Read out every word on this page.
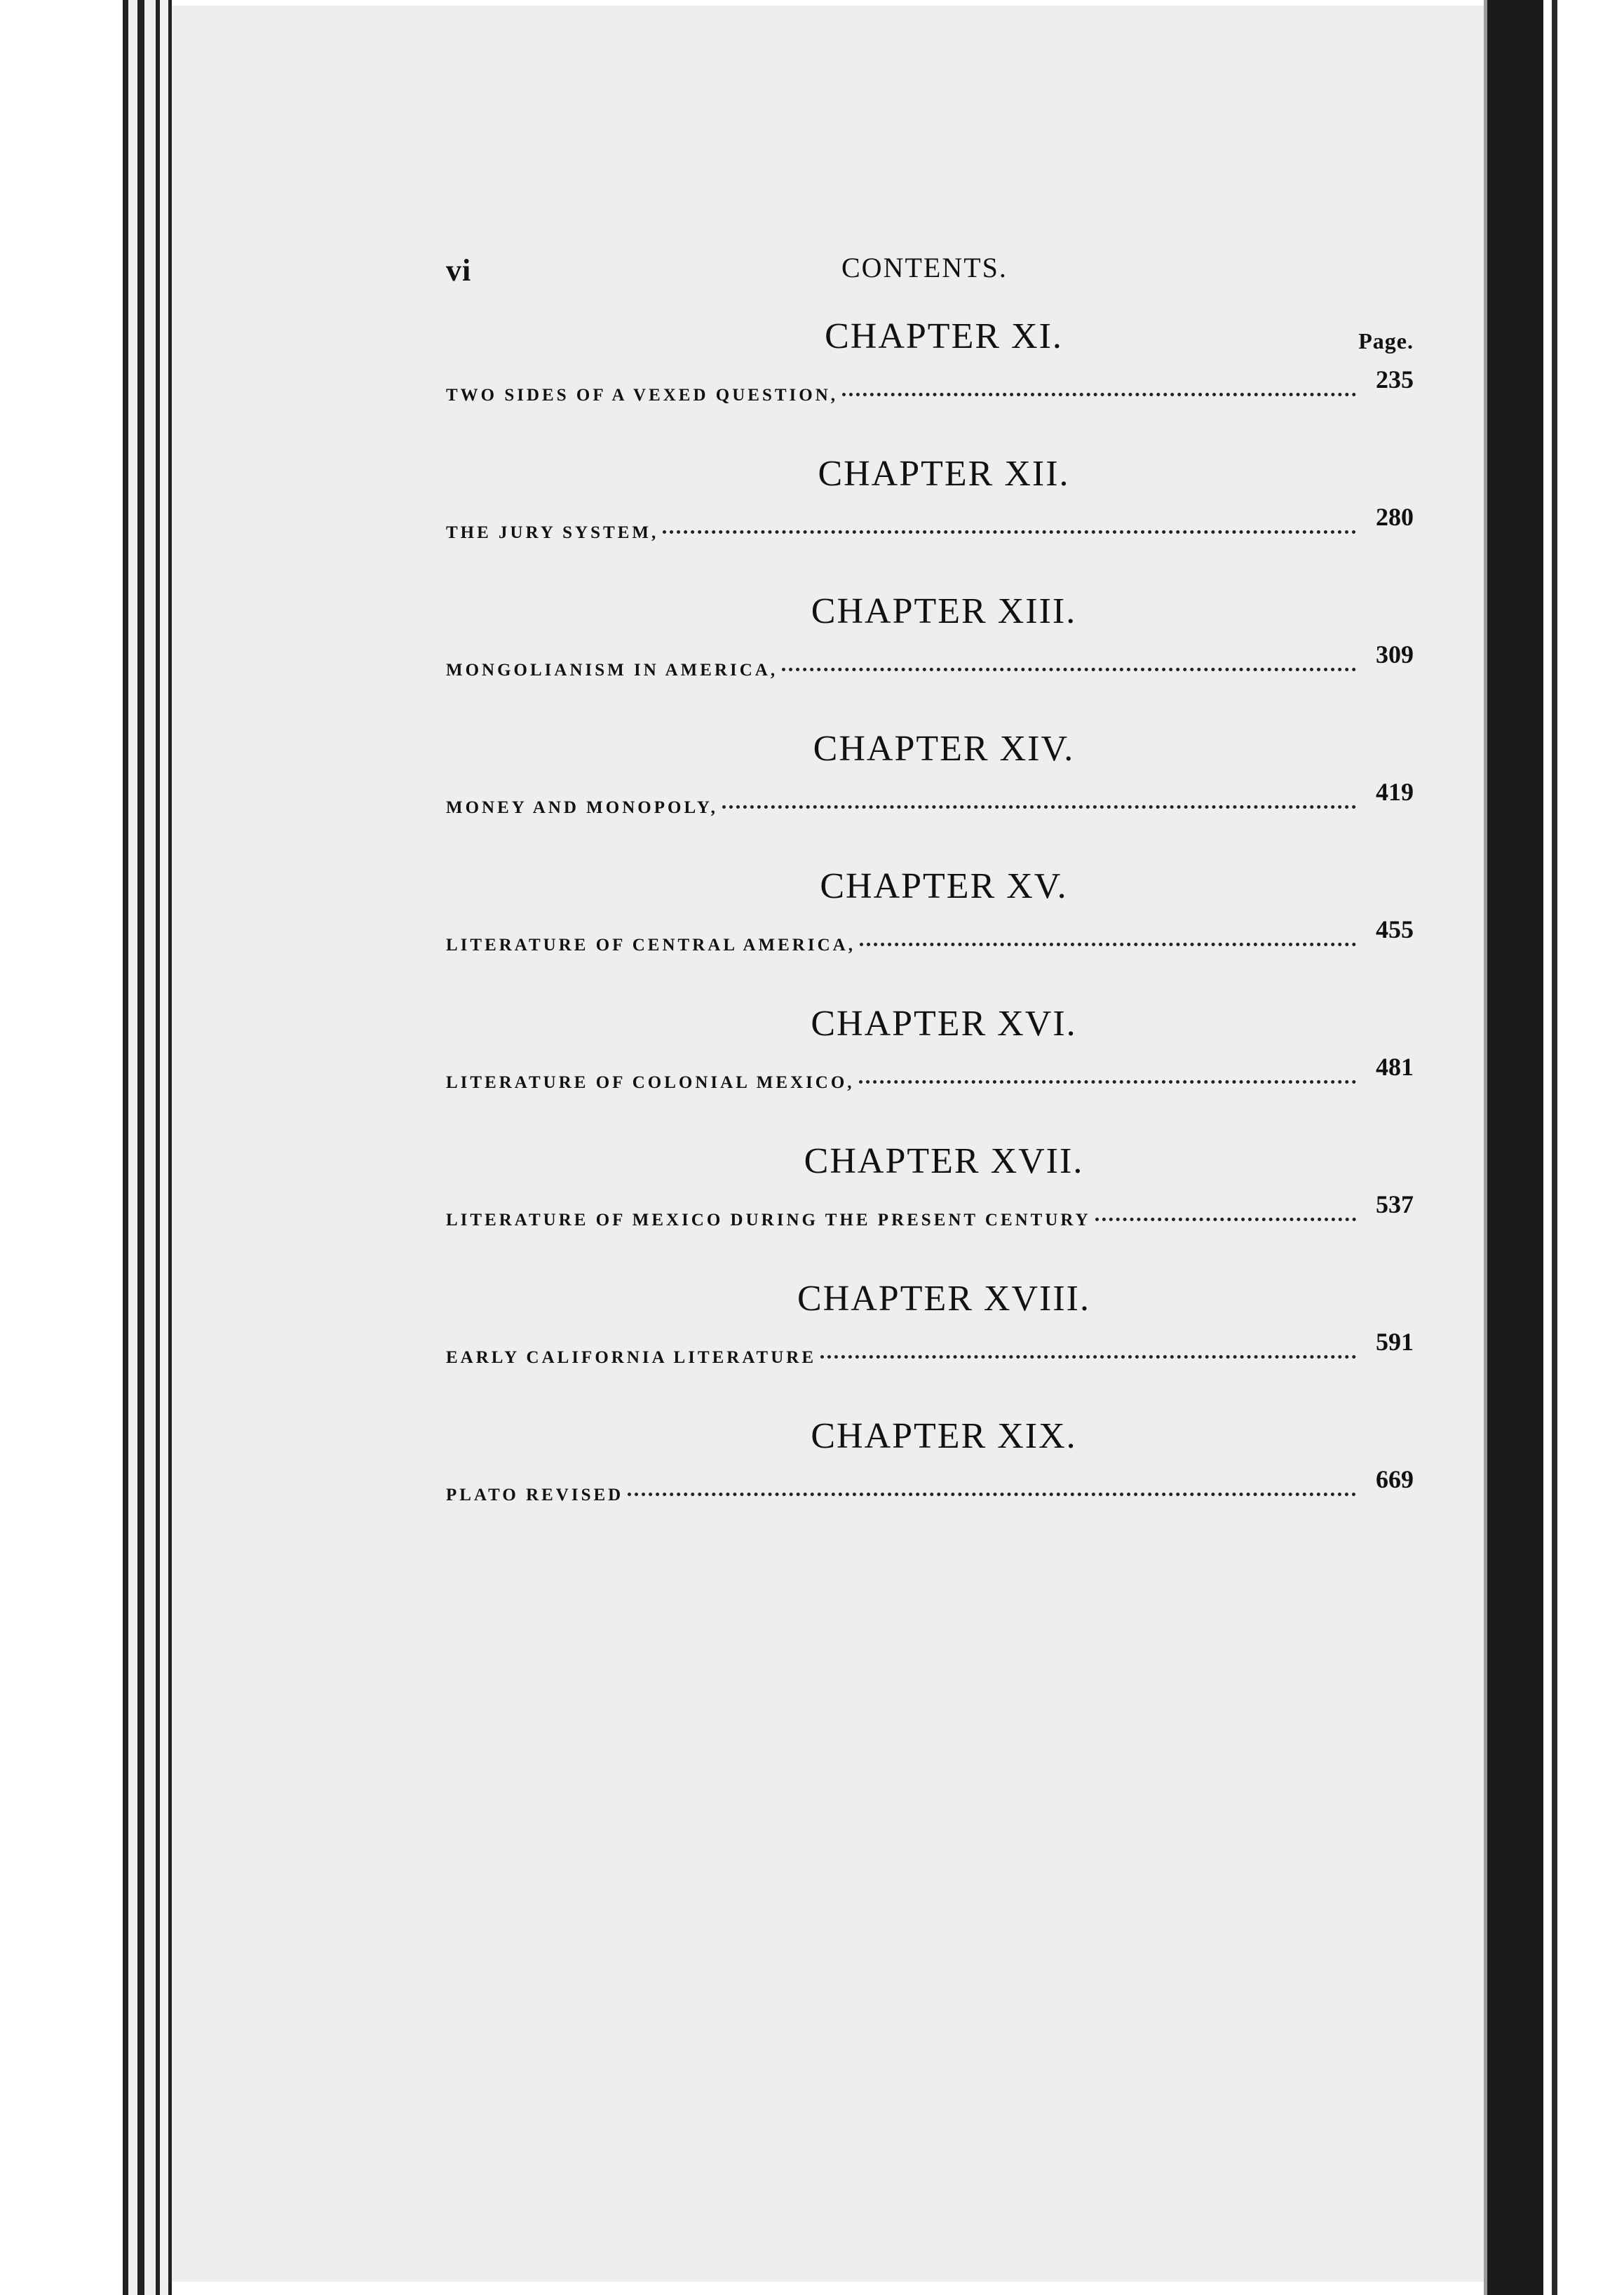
vi	CONTENTS.
CHAPTER XI.	Page.
TWO SIDES OF A VEXED QUESTION,
235
CHAPTER XII.
THE JURY SYSTEM,
280
CHAPTER XIII.
MONGOLIANISM IN AMERICA,
309
CHAPTER XIV.
MONEY AND MONOPOLY,
419
CHAPTER XV.
LITERATURE OF CENTRAL AMERICA,
455
CHAPTER XVI.
LITERATURE OF COLONIAL MEXICO,
481
CHAPTER XVII.
LITERATURE OF MEXICO DURING THE PRESENT CENTURY
537
CHAPTER XVIII.
EARLY CALIFORNIA LITERATURE
591
CHAPTER XIX.
PLATO REVISED
669
